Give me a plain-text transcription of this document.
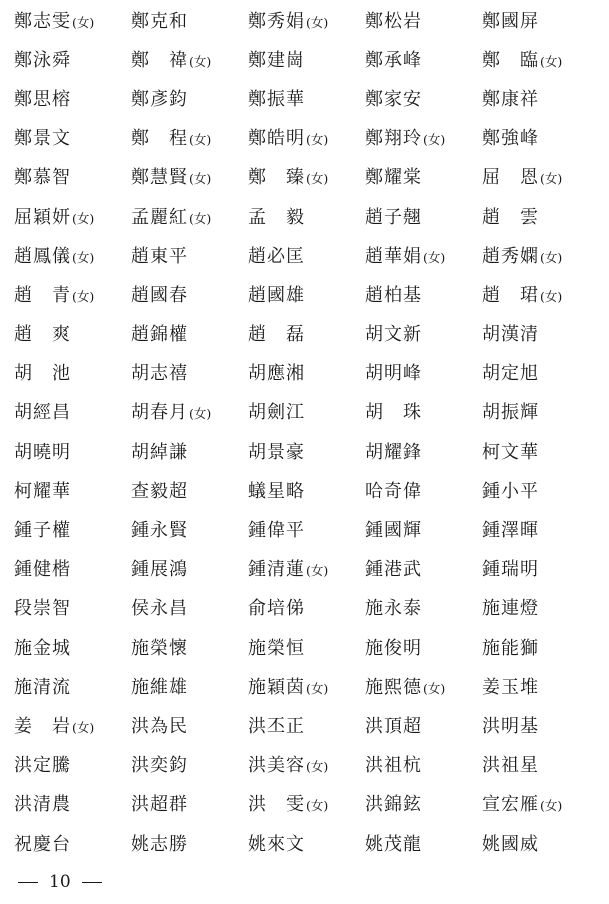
鄭志雯(女)	鄭克和	鄭秀娟(女)	鄭松岩	鄭國屏
鄭泳舜	鄭　禕(女)	鄭建崗	鄭承峰	鄭　臨(女)
鄭思榕	鄭彥鈞	鄭振華	鄭家安	鄭康祥
鄭景文	鄭　程(女)	鄭皓明(女)	鄭翔玲(女)	鄭強峰
鄭慕智	鄭慧賢(女)	鄭　臻(女)	鄭耀棠	屈　恩(女)
屈穎妍(女)	孟麗紅(女)	孟　毅	趙子翹	趙　雲
趙鳳儀(女)	趙東平	趙必匡	趙華娟(女)	趙秀嫻(女)
趙　青(女)	趙國春	趙國雄	趙柏基	趙　珺(女)
趙　爽	趙錦權	趙　磊	胡文新	胡漢清
胡　池	胡志禧	胡應湘	胡明峰	胡定旭
胡經昌	胡春月(女)	胡劍江	胡　珠	胡振輝
胡曉明	胡綽謙	胡景豪	胡耀鋒	柯文華
柯耀華	查毅超	蟻星略	哈奇偉	鍾小平
鍾子權	鍾永賢	鍾偉平	鍾國輝	鍾澤暉
鍾健楷	鍾展鴻	鍾清蓮(女)	鍾港武	鍾瑞明
段崇智	侯永昌	俞培俤	施永泰	施連燈
施金城	施榮懷	施榮恒	施俊明	施能獅
施清流	施維雄	施穎茵(女)	施熙德(女)	姜玉堆
姜　岩(女)	洪為民	洪丕正	洪頂超	洪明基
洪定騰	洪奕鈞	洪美容(女)	洪祖杭	洪祖星
洪清農	洪超群	洪　雯(女)	洪錦鉉	宣宏雁(女)
祝慶台	姚志勝	姚來文	姚茂龍	姚國威
10
